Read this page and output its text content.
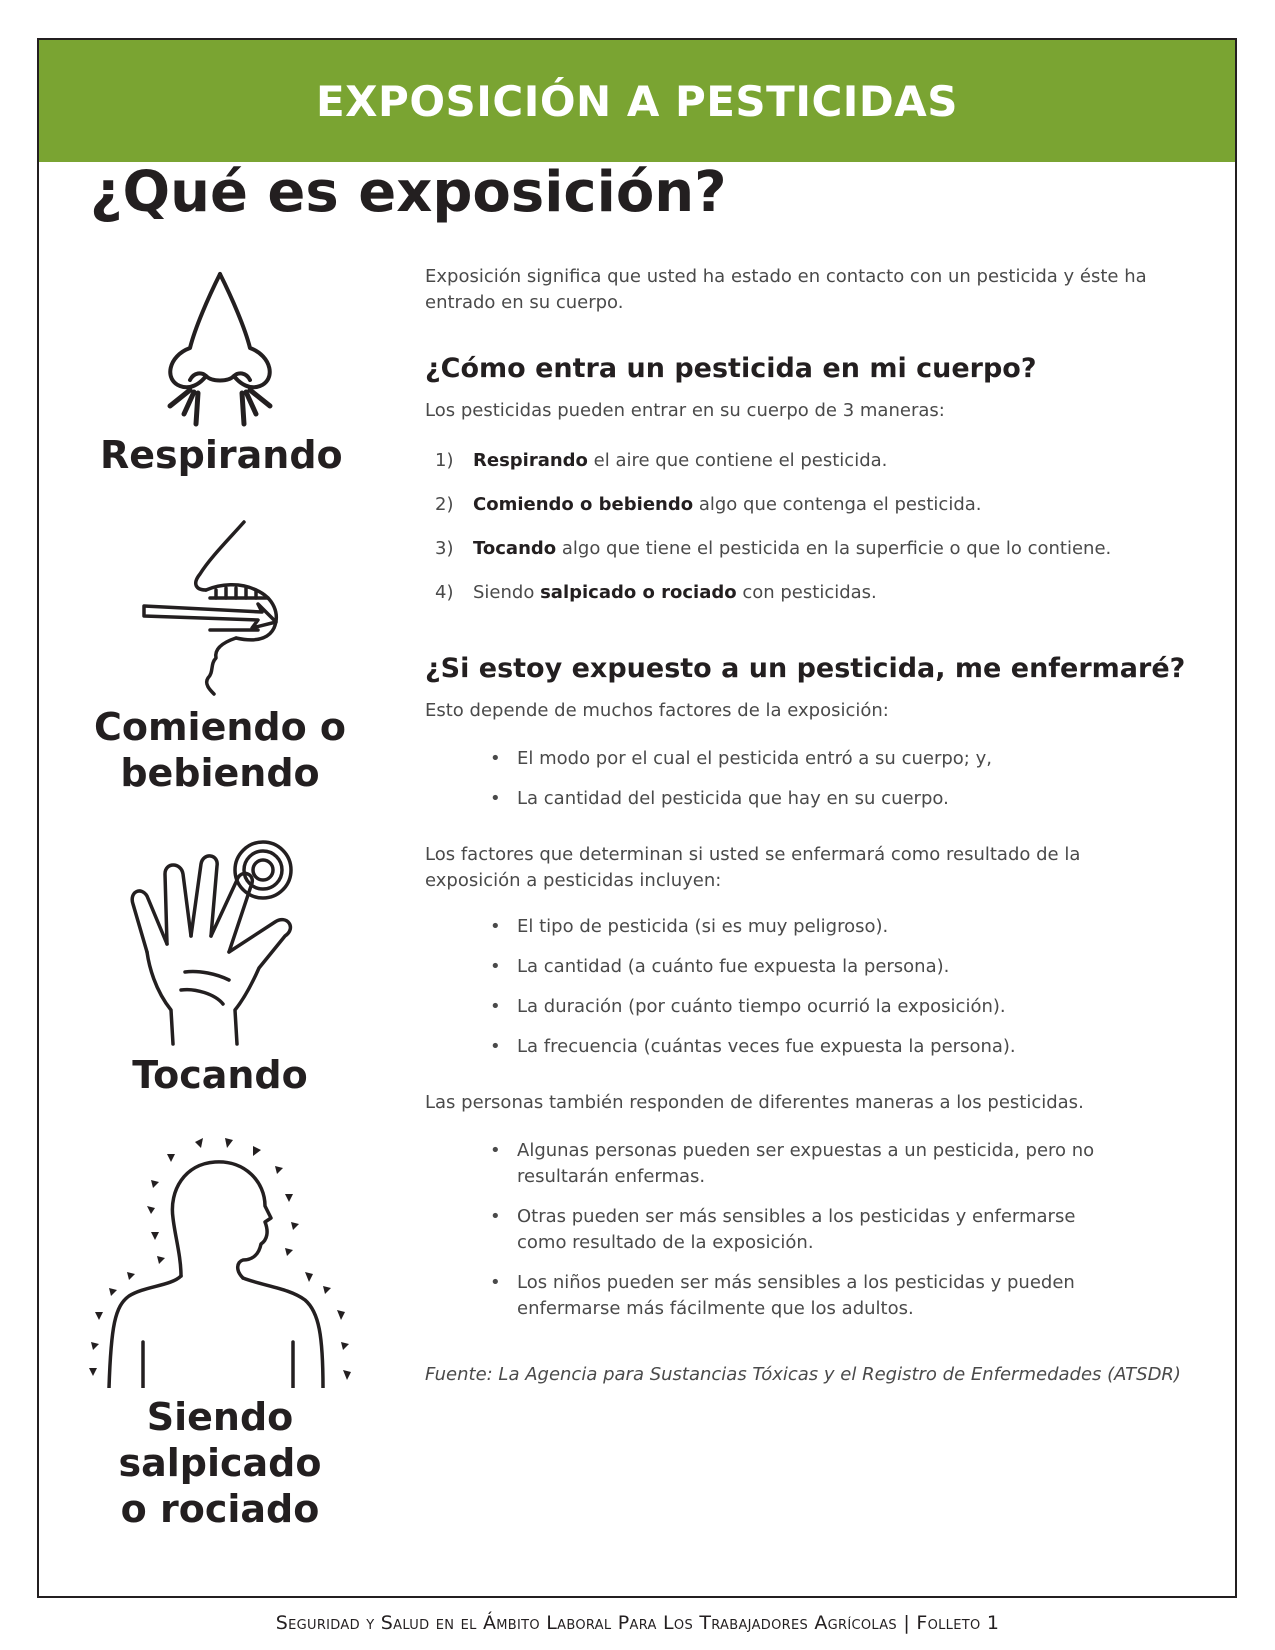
EXPOSICIÓN A PESTICIDAS
¿Qué es exposición?

Respirando

Comiendo o

bebiendo

Tocando

Siendo salpicado

o rociado

Exposición significa que usted ha estado en contacto con un pesticida y éste ha entrado en su cuerpo.

¿Cómo entra un pesticida en mi cuerpo?

Los pesticidas pueden entrar en su cuerpo de 3 maneras:

1)	Respirando el aire que contiene el pesticida.
2)	Comiendo o bebiendo algo que contenga el pesticida.
3)	Tocando algo que tiene el pesticida en la superficie o que lo contiene.
4)	Siendo salpicado o rociado con pesticidas.
¿Si estoy expuesto a un pesticida, me enfermaré?

Esto depende de muchos factores de la exposición:

• El modo por el cual el pesticida entró a su cuerpo; y,
• La cantidad del pesticida que hay en su cuerpo.

Los factores que determinan si usted se enfermará como resultado de la exposición a pesticidas incluyen:

• El tipo de pesticida (si es muy peligroso).
• La cantidad (a cuánto fue expuesta la persona).
• La duración (por cuánto tiempo ocurrió la exposición).
• La frecuencia (cuántas veces fue expuesta la persona).

Las personas también responden de diferentes maneras a los pesticidas.

• Algunas personas pueden ser expuestas a un pesticida, pero no resultarán enfermas.
• Otras pueden ser más sensibles a los pesticidas y enfermarse como resultado de la exposición.
• Los niños pueden ser más sensibles a los pesticidas y pueden enfermarse más fácilmente que los adultos.

Fuente: La Agencia para Sustancias Tóxicas y el Registro de Enfermedades (ATSDR)

Seguridad y Salud en el Ámbito Laboral Para Los Trabajadores Agrícolas | Folleto 1
